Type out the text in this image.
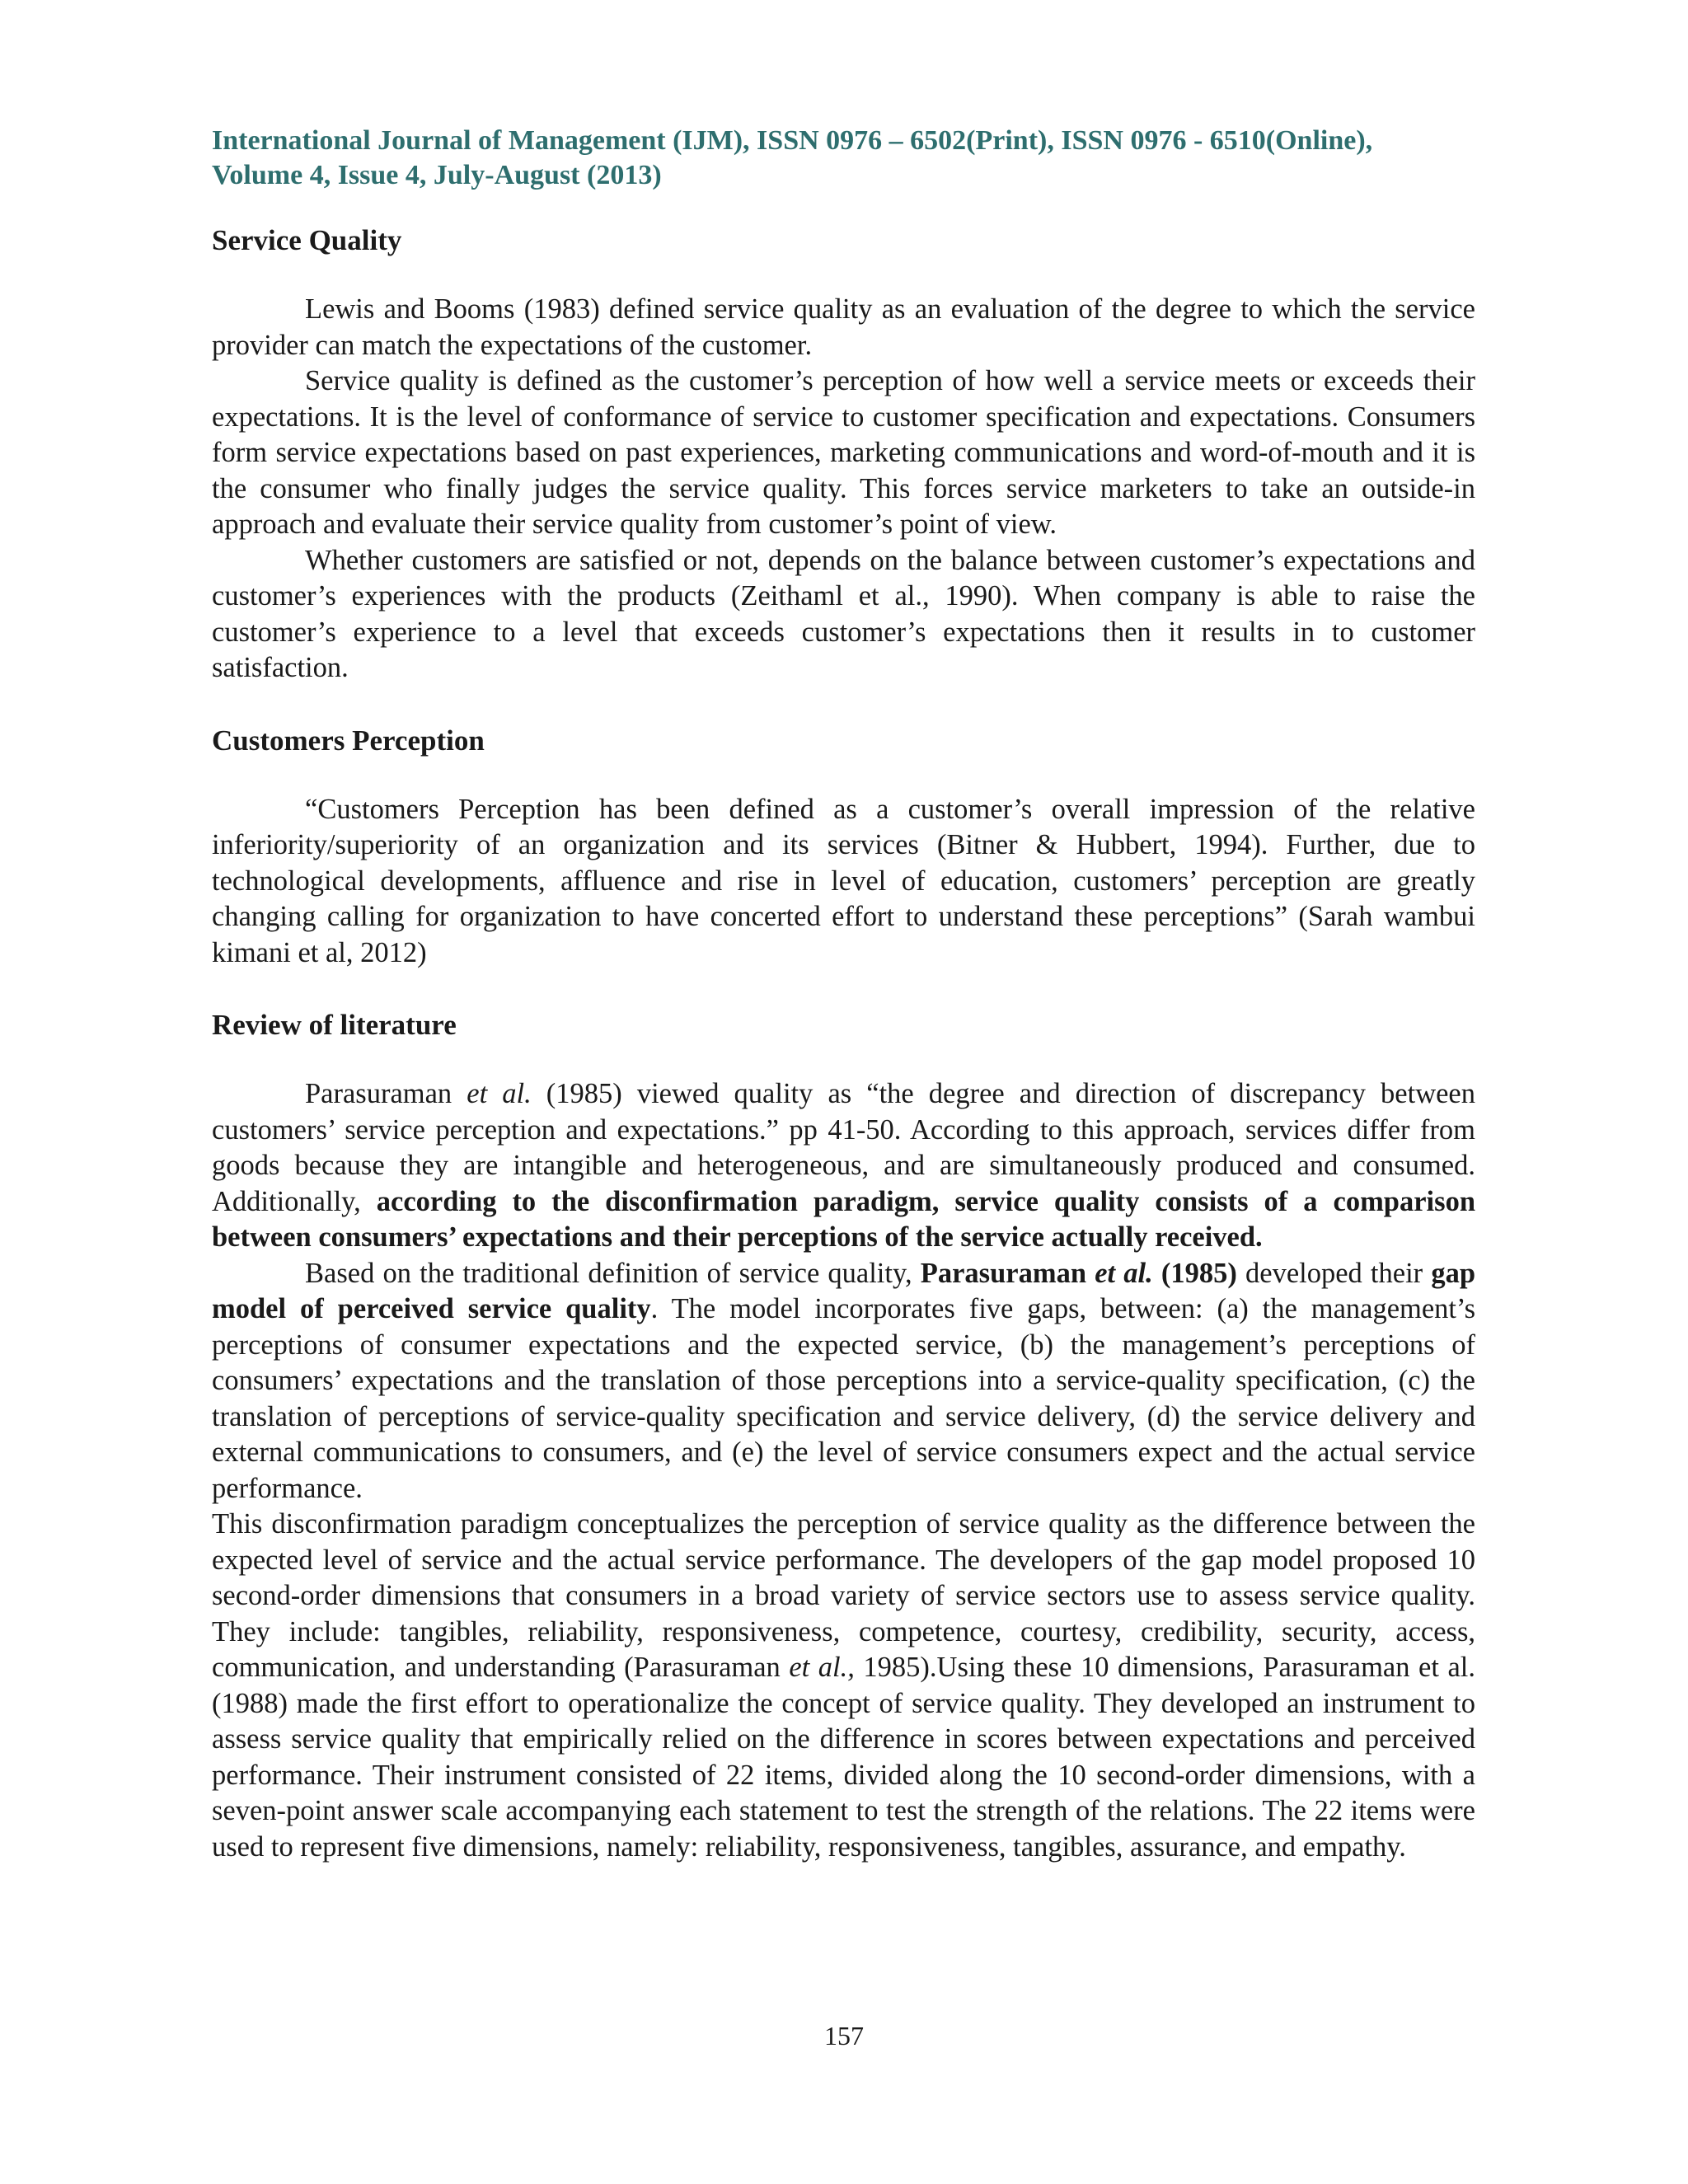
International Journal of Management (IJM), ISSN 0976 – 6502(Print), ISSN 0976 - 6510(Online),
Volume 4, Issue 4, July-August (2013)
Service Quality

Lewis and Booms (1983) defined service quality as an evaluation of the degree to which the service provider can match the expectations of the customer.

Service quality is defined as the customer’s perception of how well a service meets or exceeds their expectations. It is the level of conformance of service to customer specification and expectations. Consumers form service expectations based on past experiences, marketing communications and word-of-mouth and it is the consumer who finally judges the service quality. This forces service marketers to take an outside-in approach and evaluate their service quality from customer’s point of view.

Whether customers are satisfied or not, depends on the balance between customer’s expectations and customer’s experiences with the products (Zeithaml et al., 1990). When company is able to raise the customer’s experience to a level that exceeds customer’s expectations then it results in to customer satisfaction.

Customers Perception

“Customers Perception has been defined as a customer’s overall impression of the relative inferiority/superiority of an organization and its services (Bitner & Hubbert, 1994). Further, due to technological developments, affluence and rise in level of education, customers’ perception are greatly changing calling for organization to have concerted effort to understand these perceptions” (Sarah wambui kimani et al, 2012)

Review of literature

Parasuraman et al. (1985) viewed quality as “the degree and direction of discrepancy between customers’ service perception and expectations.” pp 41-50. According to this approach, services differ from goods because they are intangible and heterogeneous, and are simultaneously produced and consumed. Additionally, according to the disconfirmation paradigm, service quality consists of a comparison between consumers’ expectations and their perceptions of the service actually received.

Based on the traditional definition of service quality, Parasuraman et al. (1985) developed their gap model of perceived service quality. The model incorporates five gaps, between: (a) the management’s perceptions of consumer expectations and the expected service, (b) the management’s perceptions of consumers’ expectations and the translation of those perceptions into a service-quality specification, (c) the translation of perceptions of service-quality specification and service delivery, (d) the service delivery and external communications to consumers, and (e) the level of service consumers expect and the actual service performance.

This disconfirmation paradigm conceptualizes the perception of service quality as the difference between the expected level of service and the actual service performance. The developers of the gap model proposed 10 second-order dimensions that consumers in a broad variety of service sectors use to assess service quality. They include: tangibles, reliability, responsiveness, competence, courtesy, credibility, security, access, communication, and understanding (Parasuraman et al., 1985).Using these 10 dimensions, Parasuraman et al. (1988) made the first effort to operationalize the concept of service quality. They developed an instrument to assess service quality that empirically relied on the difference in scores between expectations and perceived performance. Their instrument consisted of 22 items, divided along the 10 second-order dimensions, with a seven-point answer scale accompanying each statement to test the strength of the relations. The 22 items were used to represent five dimensions, namely: reliability, responsiveness, tangibles, assurance, and empathy.

157
